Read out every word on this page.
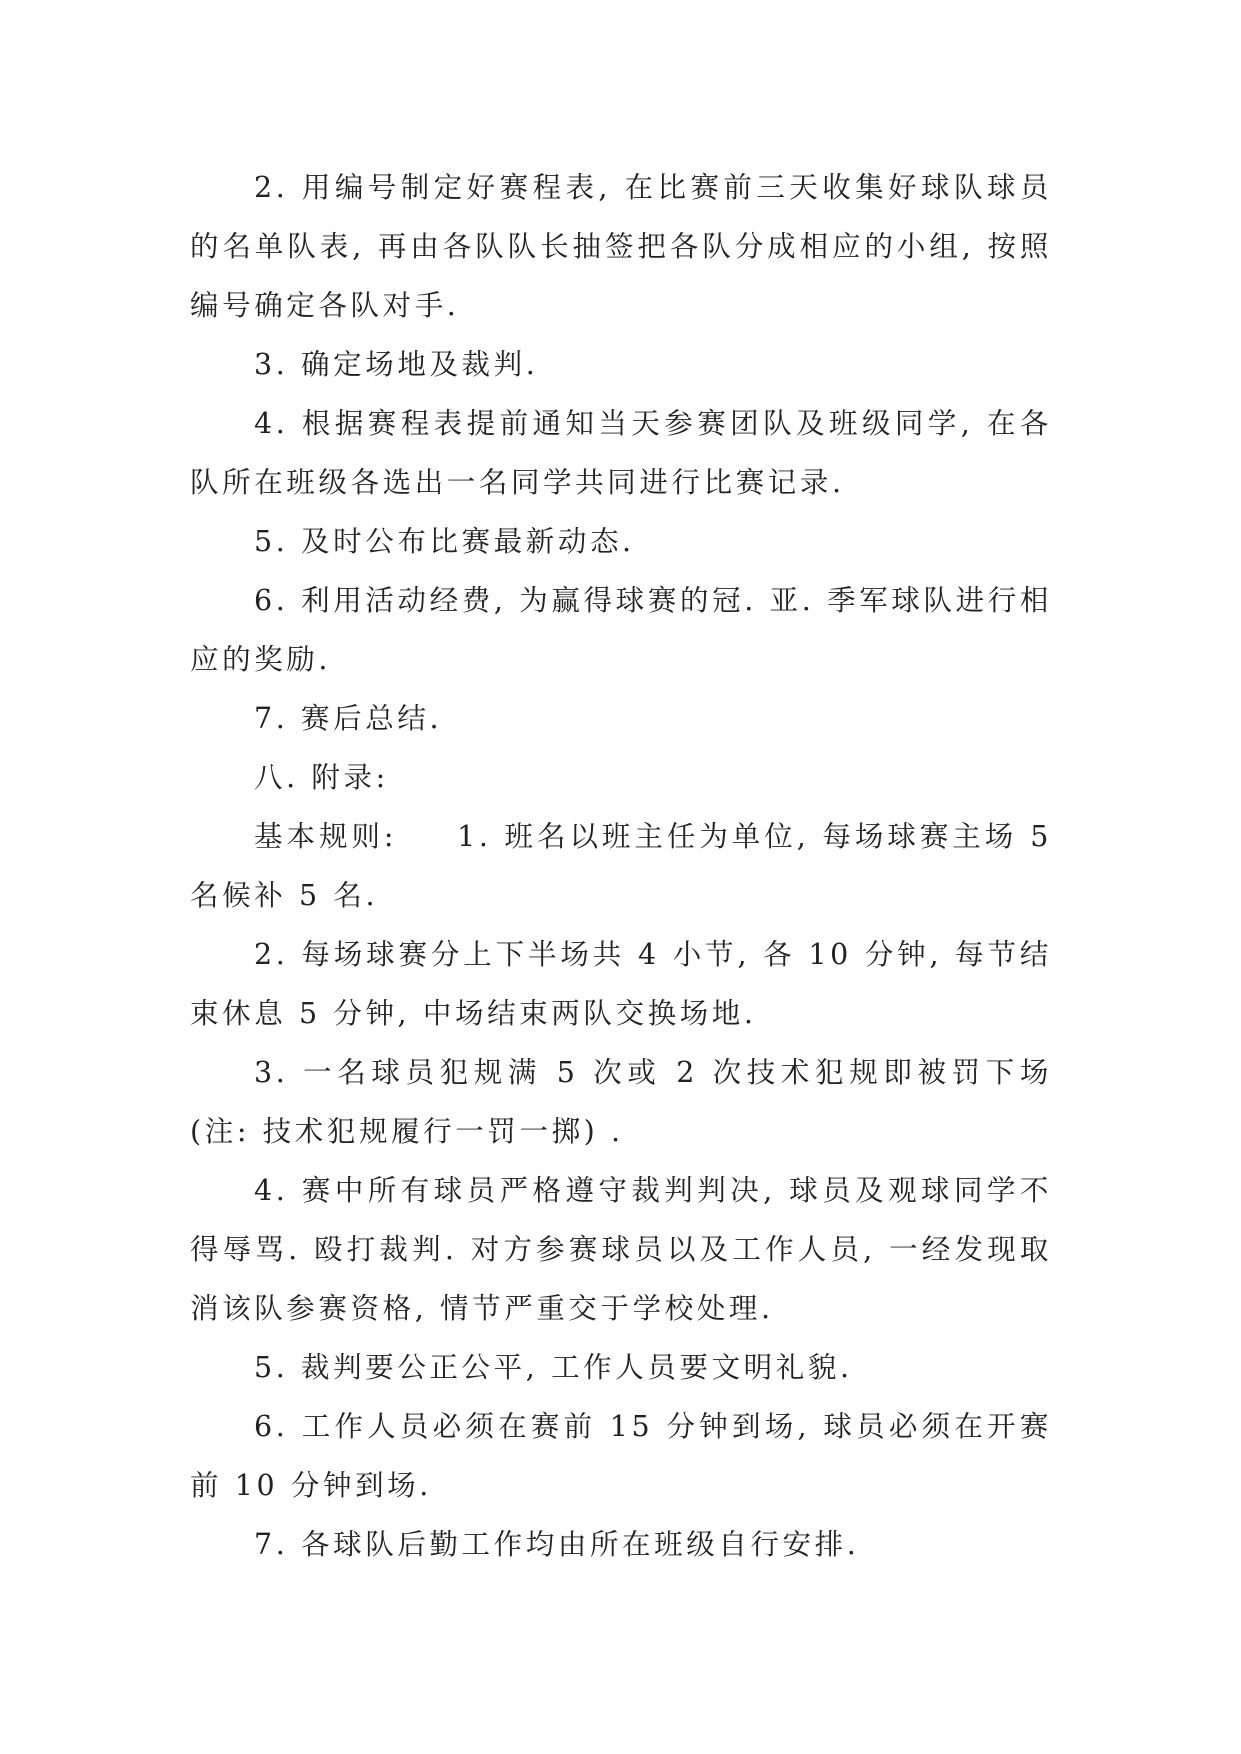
2. 用编号制定好赛程表, 在比赛前三天收集好球队球员的名单队表, 再由各队队长抽签把各队分成相应的小组, 按照编号确定各队对手.

3. 确定场地及裁判.

4. 根据赛程表提前通知当天参赛团队及班级同学, 在各队所在班级各选出一名同学共同进行比赛记录.

5. 及时公布比赛最新动态.

6. 利用活动经费, 为赢得球赛的冠. 亚. 季军球队进行相应的奖励.

7. 赛后总结.

八. 附录:

基本规则: 1. 班名以班主任为单位, 每场球赛主场 5 名候补 5 名.

2. 每场球赛分上下半场共 4 小节, 各 10 分钟, 每节结束休息 5 分钟, 中场结束两队交换场地.

3. 一名球员犯规满 5 次或 2 次技术犯规即被罚下场(注: 技术犯规履行一罚一掷) .

4. 赛中所有球员严格遵守裁判判决, 球员及观球同学不得辱骂. 殴打裁判. 对方参赛球员以及工作人员, 一经发现取消该队参赛资格, 情节严重交于学校处理.

5. 裁判要公正公平, 工作人员要文明礼貌.

6. 工作人员必须在赛前 15 分钟到场, 球员必须在开赛前 10 分钟到场.

7. 各球队后勤工作均由所在班级自行安排.
